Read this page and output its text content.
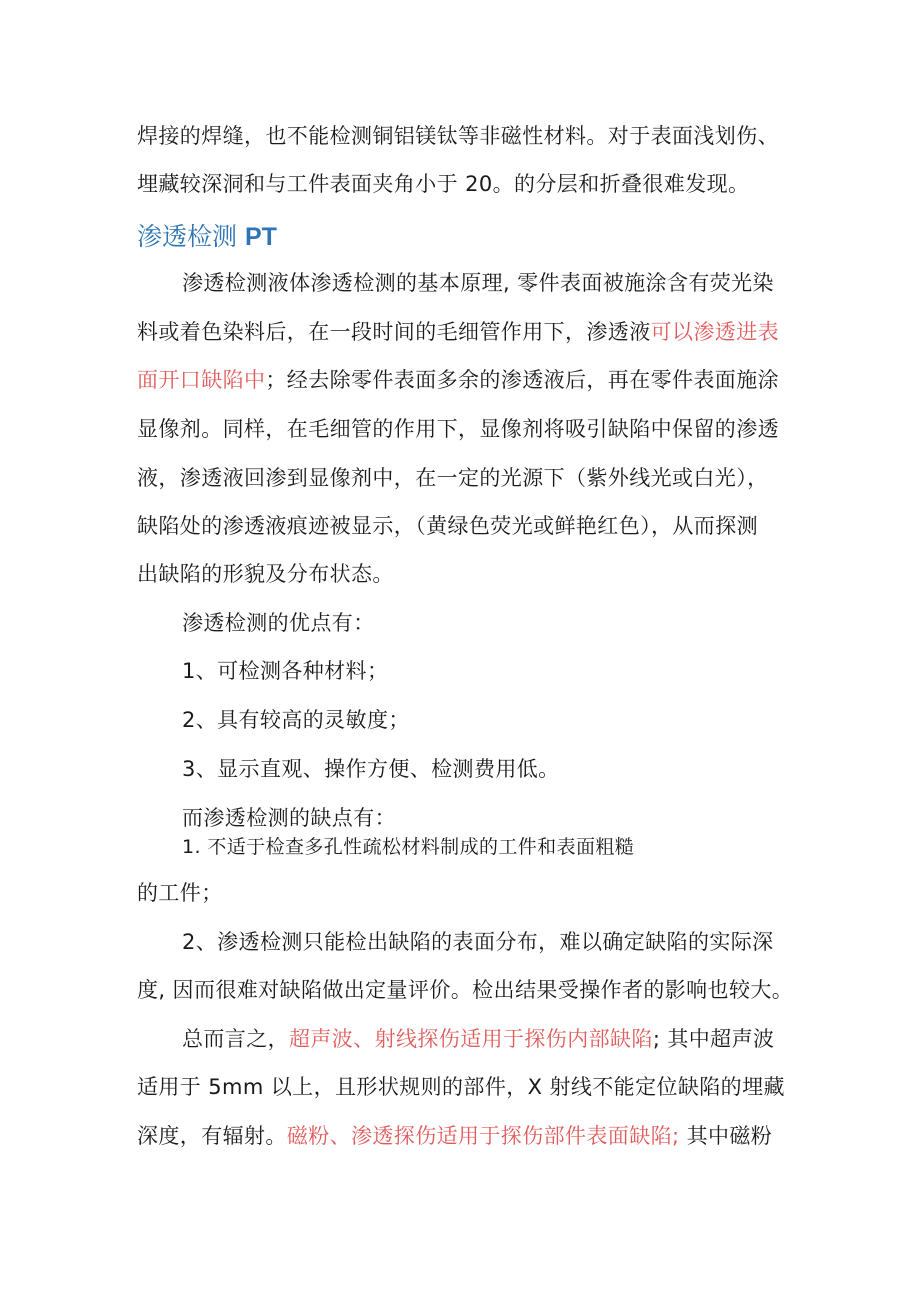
焊接的焊缝，也不能检测铜铝镁钛等非磁性材料。对于表面浅划伤、
埋藏较深洞和与工件表面夹角小于 20。的分层和折叠很难发现。
渗透检测 PT
渗透检测液体渗透检测的基本原理, 零件表面被施涂含有荧光染
料或着色染料后，在一段时间的毛细管作用下，渗透液可以渗透进表
面开口缺陷中；经去除零件表面多余的渗透液后，再在零件表面施涂
显像剂。同样，在毛细管的作用下，显像剂将吸引缺陷中保留的渗透
液，渗透液回渗到显像剂中，在一定的光源下（紫外线光或白光），
缺陷处的渗透液痕迹被显示，（黄绿色荧光或鲜艳红色），从而探测
出缺陷的形貌及分布状态。
渗透检测的优点有：
1、可检测各种材料；
2、具有较高的灵敏度；
3、显示直观、操作方便、检测费用低。
而渗透检测的缺点有：
1. 不适于检查多孔性疏松材料制成的工件和表面粗糙
的工件；
2、渗透检测只能检出缺陷的表面分布，难以确定缺陷的实际深
度, 因而很难对缺陷做出定量评价。检出结果受操作者的影响也较大。
总而言之，超声波、射线探伤适用于探伤内部缺陷; 其中超声波
适用于 5mm 以上，且形状规则的部件，X 射线不能定位缺陷的埋藏
深度，有辐射。磁粉、渗透探伤适用于探伤部件表面缺陷; 其中磁粉
